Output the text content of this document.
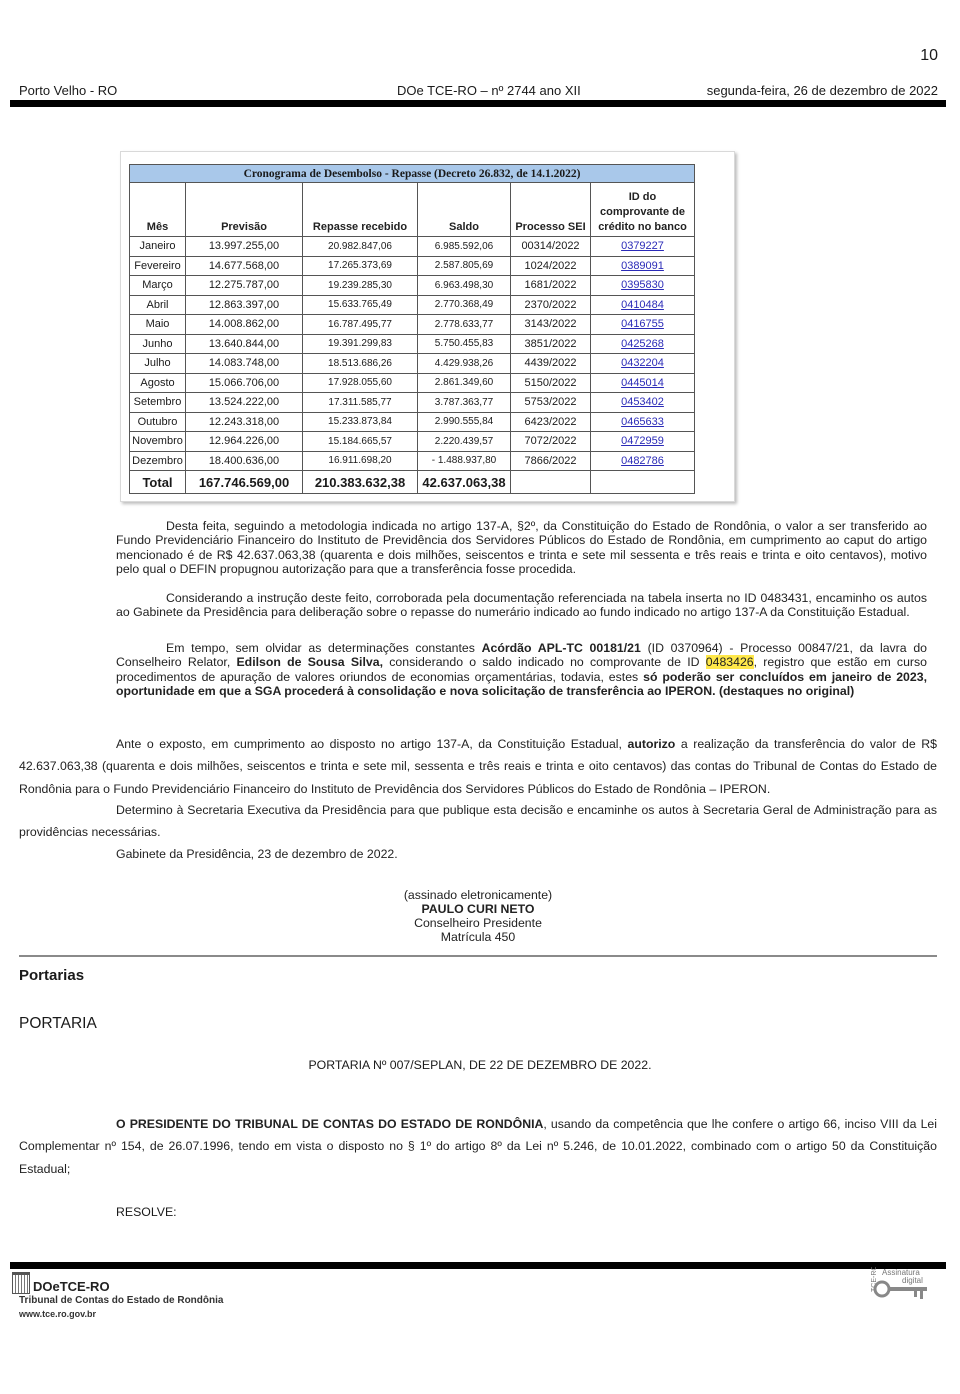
10
Porto Velho - RO	DOe TCE-RO – nº 2744 ano XII	segunda-feira, 26 de dezembro de 2022
Cronograma de Desembolso - Repasse (Decreto 26.832, de 14.1.2022)					
Mês	Previsão	Repasse recebido	Saldo	Processo SEI	ID do comprovante de crédito no banco
Janeiro	13.997.255,00	20.982.847,06	6.985.592,06	00314/2022	0379227
Fevereiro	14.677.568,00	17.265.373,69	2.587.805,69	1024/2022	0389091
Março	12.275.787,00	19.239.285,30	6.963.498,30	1681/2022	0395830
Abril	12.863.397,00	15.633.765,49	2.770.368,49	2370/2022	0410484
Maio	14.008.862,00	16.787.495,77	2.778.633,77	3143/2022	0416755
Junho	13.640.844,00	19.391.299,83	5.750.455,83	3851/2022	0425268
Julho	14.083.748,00	18.513.686,26	4.429.938,26	4439/2022	0432204
Agosto	15.066.706,00	17.928.055,60	2.861.349,60	5150/2022	0445014
Setembro	13.524.222,00	17.311.585,77	3.787.363,77	5753/2022	0453402
Outubro	12.243.318,00	15.233.873,84	2.990.555,84	6423/2022	0465633
Novembro	12.964.226,00	15.184.665,57	2.220.439,57	7072/2022	0472959
Dezembro	18.400.636,00	16.911.698,20	- 1.488.937,80	7866/2022	0482786
Total	167.746.569,00	210.383.632,38	42.637.063,38		
Desta feita, seguindo a metodologia indicada no artigo 137-A, §2º, da Constituição do Estado de Rondônia, o valor a ser transferido ao Fundo Previdenciário Financeiro do Instituto de Previdência dos Servidores Públicos do Estado de Rondônia, em cumprimento ao caput do artigo mencionado é de R$ 42.637.063,38 (quarenta e dois milhões, seiscentos e trinta e sete mil sessenta e três reais e trinta e oito centavos), motivo pelo qual o DEFIN propugnou autorização para que a transferência fosse procedida.
Considerando a instrução deste feito, corroborada pela documentação referenciada na tabela inserta no ID 0483431, encaminho os autos ao Gabinete da Presidência para deliberação sobre o repasse do numerário indicado ao fundo indicado no artigo 137-A da Constituição Estadual.
Em tempo, sem olvidar as determinações constantes Acórdão APL-TC 00181/21 (ID 0370964) - Processo 00847/21, da lavra do Conselheiro Relator, Edilson de Sousa Silva, considerando o saldo indicado no comprovante de ID 0483426, registro que estão em curso procedimentos de apuração de valores oriundos de economias orçamentárias, todavia, estes só poderão ser concluídos em janeiro de 2023, oportunidade em que a SGA procederá à consolidação e nova solicitação de transferência ao IPERON. (destaques no original)
Ante o exposto, em cumprimento ao disposto no artigo 137-A, da Constituição Estadual, autorizo a realização da transferência do valor de R$ 42.637.063,38 (quarenta e dois milhões, seiscentos e trinta e sete mil, sessenta e três reais e trinta e oito centavos) das contas do Tribunal de Contas do Estado de Rondônia para o Fundo Previdenciário Financeiro do Instituto de Previdência dos Servidores Públicos do Estado de Rondônia – IPERON.
Determino à Secretaria Executiva da Presidência para que publique esta decisão e encaminhe os autos à Secretaria Geral de Administração para as providências necessárias.
Gabinete da Presidência, 23 de dezembro de 2022.
(assinado eletronicamente)
PAULO CURI NETO
Conselheiro Presidente
Matrícula 450
Portarias
PORTARIA
PORTARIA Nº 007/SEPLAN, DE 22 DE DEZEMBRO DE 2022.
O PRESIDENTE DO TRIBUNAL DE CONTAS DO ESTADO DE RONDÔNIA, usando da competência que lhe confere o artigo 66, inciso VIII da Lei Complementar nº 154, de 26.07.1996, tendo em vista o disposto no § 1º do artigo 8º da Lei nº 5.246, de 10.01.2022, combinado com o artigo 50 da Constituição Estadual;
RESOLVE:
DOeTCE-RO
Tribunal de Contas do Estado de Rondônia
www.tce.ro.gov.br
TCE-RO Assinatura
digital
